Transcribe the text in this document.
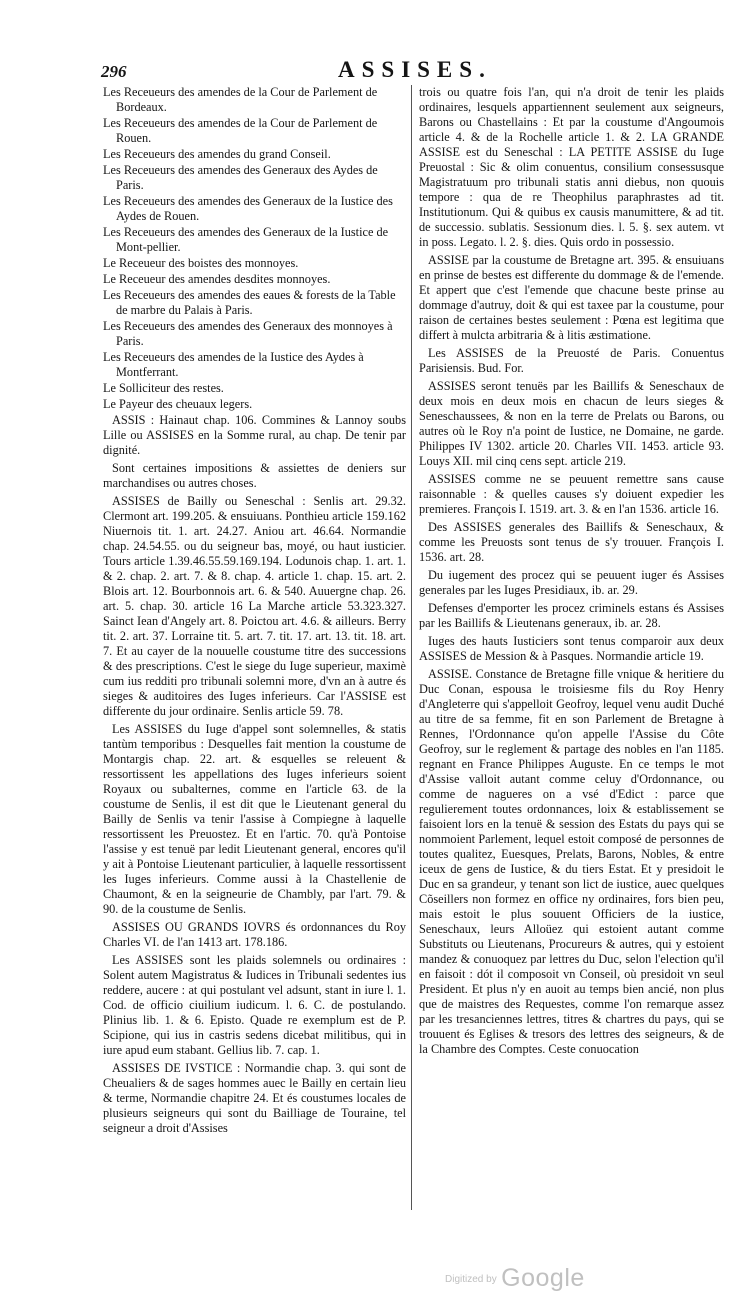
296	ASSISES.
Les Receueurs des amendes de la Cour de Parlement de Bordeaux.
Les Receueurs des amendes de la Cour de Parlement de Rouen.
Les Receueurs des amendes du grand Conseil.
Les Receueurs des amendes des Generaux des Aydes de Paris.
Les Receueurs des amendes des Generaux de la Iustice des Aydes de Rouen.
Les Receueurs des amendes des Generaux de la Iustice de Mont-pellier.
Le Receueur des boistes des monnoyes.
Le Receueur des amendes desdites monnoyes.
Les Receueurs des amendes des eaues & forests de la Table de marbre du Palais à Paris.
Les Receueurs des amendes des Generaux des monnoyes à Paris.
Les Receueurs des amendes de la Iustice des Aydes à Montferrant.
Le Solliciteur des restes.
Le Payeur des cheuaux legers.

ASSIS : Hainaut chap. 106. Commines & Lannoy soubs Lille ou ASSISES en la Somme rural, au chap. De tenir par dignité.

Sont certaines impositions & assiettes de deniers sur marchandises ou autres choses.

ASSISES de Bailly ou Seneschal : Senlis art. 29.32. Clermont art. 199.205. & ensuiuans. Ponthieu article 159.162 Niuernois tit. 1. art. 24.27. Aniou art. 46.64. Normandie chap. 24.54.55. ou du seigneur bas, moyé, ou haut iusticier. Tours article 1.39.46.55.59.169.194. Lodunois chap. 1. art. 1. & 2. chap. 2. art. 7. & 8. chap. 4. article 1. chap. 15. art. 2. Blois art. 12. Bourbonnois art. 6. & 540. Auuergne chap. 26. art. 5. chap. 30. article 16 La Marche article 53.323.327. Sainct Iean d'Angely art. 8. Poictou art. 4.6. & ailleurs. Berry tit. 2. art. 37. Lorraine tit. 5. art. 7. tit. 17. art. 13. tit. 18. art. 7. Et au cayer de la nouuelle coustume titre des successions & des prescriptions. C'est le siege du Iuge superieur, maximè cum ius redditi pro tribunali solemni more, d'vn an à autre és sieges & auditoires des Iuges inferieurs. Car l'ASSISE est differente du jour ordinaire. Senlis article 59. 78.

Les ASSISES du Iuge d'appel sont solemnelles, & statis tantùm temporibus : Desquelles fait mention la coustume de Montargis chap. 22. art. & esquelles se releuent & ressortissent les appellations des Iuges inferieurs soient Royaux ou subalternes, comme en l'article 63. de la coustume de Senlis, il est dit que le Lieutenant general du Bailly de Senlis va tenir l'assise à Compiegne à laquelle ressortissent les Preuostez. Et en l'artic. 70. qu'à Pontoise l'assise y est tenuë par ledit Lieutenant general, encores qu'il y ait à Pontoise Lieutenant particulier, à laquelle ressortissent les Iuges inferieurs. Comme aussi à la Chastellenie de Chaumont, & en la seigneurie de Chambly, par l'art. 79. & 90. de la coustume de Senlis.

ASSISES OU GRANDS IOVRS és ordonnances du Roy Charles VI. de l'an 1413 art. 178.186.

Les ASSISES sont les plaids solemnels ou ordinaires : Solent autem Magistratus & Iudices in Tribunali sedentes ius reddere, aucere : at qui postulant vel adsunt, stant in iure l. 1. Cod. de officio ciuilium iudicum. l. 6. C. de postulando. Plinius lib. 1. & 6. Episto. Quade re exemplum est de P. Scipione, qui ius in castris sedens dicebat militibus, qui in iure apud eum stabant. Gellius lib. 7. cap. 1.

ASSISES DE IVSTICE : Normandie chap. 3. qui sont de Cheualiers & de sages hommes auec le Bailly en certain lieu & terme, Normandie chapitre 24. Et és coustumes locales de plusieurs seigneurs qui sont du Bailliage de Touraine, tel seigneur a droit d'Assises

trois ou quatre fois l'an, qui n'a droit de tenir les plaids ordinaires, lesquels appartiennent seulement aux seigneurs, Barons ou Chastellains : Et par la coustume d'Angoumois article 4. & de la Rochelle article 1. & 2. LA GRANDE ASSISE est du Seneschal : LA PETITE ASSISE du Iuge Preuostal : Sic & olim conuentus, consilium consessusque Magistratuum pro tribunali statis anni diebus, non quouis tempore : qua de re Theophilus paraphrastes ad tit. Institutionum. Qui & quibus ex causis manumittere, & ad tit. de successio. sublatis. Sessionum dies. l. 5. §. sex autem. vt in poss. Legato. l. 2. §. dies. Quis ordo in possessio.

ASSISE par la coustume de Bretagne art. 395. & ensuiuans en prinse de bestes est differente du dommage & de l'emende. Et appert que c'est l'emende que chacune beste prinse au dommage d'autruy, doit & qui est taxee par la coustume, pour raison de certaines bestes seulement : Pœna est legitima que differt à mulcta arbitraria & à litis æstimatione.

Les ASSISES de la Preuosté de Paris. Conuentus Parisiensis. Bud. For.

ASSISES seront tenuës par les Baillifs & Seneschaux de deux mois en deux mois en chacun de leurs sieges & Seneschaussees, & non en la terre de Prelats ou Barons, ou autres où le Roy n'a point de Iustice, ne Domaine, ne garde. Philippes IV 1302. article 20. Charles VII. 1453. article 93. Louys XII. mil cinq cens sept. article 219.

ASSISES comme ne se peuuent remettre sans cause raisonnable : & quelles causes s'y doiuent expedier les premieres. François I. 1519. art. 3. & en l'an 1536. article 16.

Des ASSISES generales des Baillifs & Seneschaux, & comme les Preuosts sont tenus de s'y trouuer. François I. 1536. art. 28.

Du iugement des procez qui se peuuent iuger és Assises generales par les Iuges Presidiaux, ib. ar. 29.

Defenses d'emporter les procez criminels estans és Assises par les Baillifs & Lieutenans generaux, ib. ar. 28.

Iuges des hauts Iusticiers sont tenus comparoir aux deux ASSISES de Mession & à Pasques. Normandie article 19.

ASSISE. Constance de Bretagne fille vnique & heritiere du Duc Conan, espousa le troisiesme fils du Roy Henry d'Angleterre qui s'appelloit Geofroy, lequel venu audit Duché au titre de sa femme, fit en son Parlement de Bretagne à Rennes, l'Ordonnance qu'on appelle l'Assise du Côte Geofroy, sur le reglement & partage des nobles en l'an 1185. regnant en France Philippes Auguste. En ce temps le mot d'Assise valloit autant comme celuy d'Ordonnance, ou comme de nagueres on a vsé d'Edict : parce que regulierement toutes ordonnances, loix & establissement se faisoient lors en la tenuë & session des Estats du pays qui se nommoient Parlement, lequel estoit composé de personnes de toutes qualitez, Euesques, Prelats, Barons, Nobles, & entre iceux de gens de Iustice, & du tiers Estat. Et y presidoit le Duc en sa grandeur, y tenant son lict de iustice, auec quelques Cõseillers non formez en office ny ordinaires, fors bien peu, mais estoit le plus souuent Officiers de la iustice, Seneschaux, leurs Alloüez qui estoient autant comme Substituts ou Lieutenans, Procureurs & autres, qui y estoient mandez & conuoquez par lettres du Duc, selon l'election qu'il en faisoit : dót il composoit vn Conseil, où presidoit vn seul President. Et plus n'y en auoit au temps bien ancié, non plus que de maistres des Requestes, comme l'on remarque assez par les tresanciennes lettres, titres & chartres du pays, qui se trouuent és Eglises & tresors des lettres des seigneurs, & de la Chambre des Comptes. Ceste conuocation

$^{Digitized by}$ Google
